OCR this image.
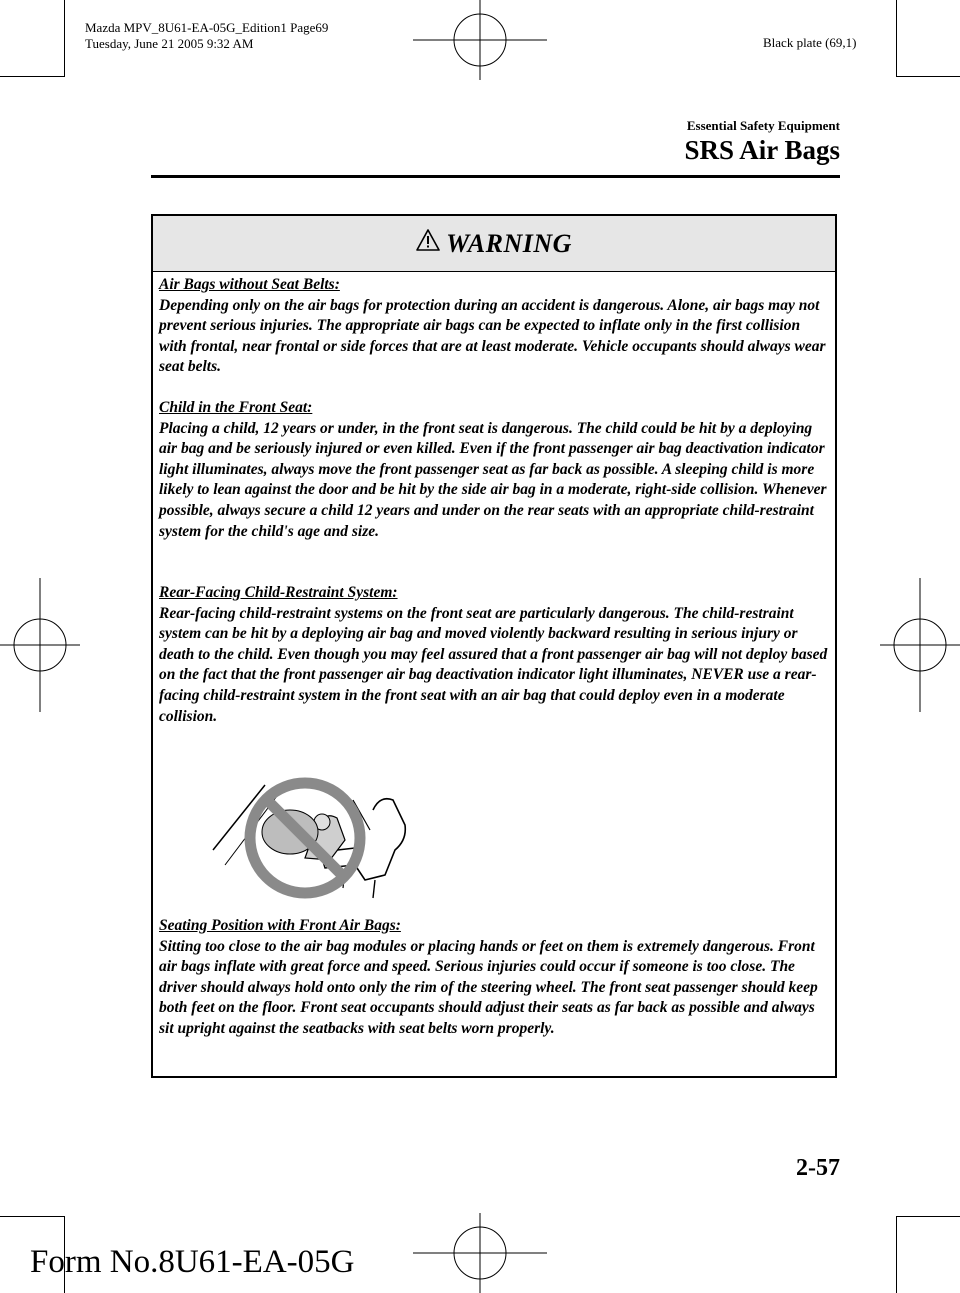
Mazda MPV_8U61-EA-05G_Edition1 Page69
Tuesday, June 21 2005 9:32 AM	Black plate (69,1)
Essential Safety Equipment
SRS Air Bags
WARNING
Air Bags without Seat Belts:
Depending only on the air bags for protection during an accident is dangerous. Alone, air bags may not prevent serious injuries. The appropriate air bags can be expected to inflate only in the first collision with frontal, near frontal or side forces that are at least moderate. Vehicle occupants should always wear seat belts.
Child in the Front Seat:
Placing a child, 12 years or under, in the front seat is dangerous. The child could be hit by a deploying air bag and be seriously injured or even killed. Even if the front passenger air bag deactivation indicator light illuminates, always move the front passenger seat as far back as possible. A sleeping child is more likely to lean against the door and be hit by the side air bag in a moderate, right-side collision. Whenever possible, always secure a child 12 years and under on the rear seats with an appropriate child-restraint system for the child's age and size.
Rear-Facing Child-Restraint System:
Rear-facing child-restraint systems on the front seat are particularly dangerous. The child-restraint system can be hit by a deploying air bag and moved violently backward resulting in serious injury or death to the child. Even though you may feel assured that a front passenger air bag will not deploy based on the fact that the front passenger air bag deactivation indicator light illuminates, NEVER use a rear-facing child-restraint system in the front seat with an air bag that could deploy even in a moderate collision.
Seating Position with Front Air Bags:
Sitting too close to the air bag modules or placing hands or feet on them is extremely dangerous. Front air bags inflate with great force and speed. Serious injuries could occur if someone is too close. The driver should always hold onto only the rim of the steering wheel. The front seat passenger should keep both feet on the floor. Front seat occupants should adjust their seats as far back as possible and always sit upright against the seatbacks with seat belts worn properly.
2-57
Form No.8U61-EA-05G
